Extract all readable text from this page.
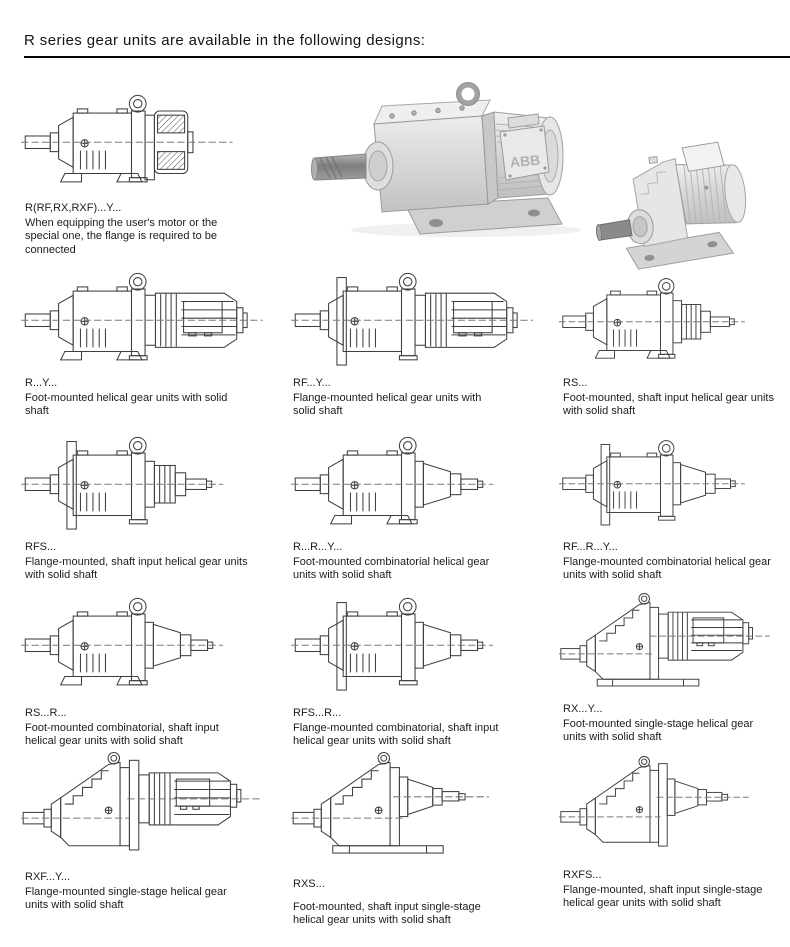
R series gear units are available in the following designs:
ABB
R(RF,RX,RXF)...Y...
When equipping the user's motor or the special one, the flange is required to be connected
R...Y...
Foot-mounted helical gear units with solid shaft
RF...Y...
Flange-mounted helical gear units with solid shaft
RS...
Foot-mounted, shaft input helical gear units with solid shaft
RFS...
Flange-mounted, shaft input helical gear units with solid shaft
R...R...Y...
Foot-mounted combinatorial helical gear units with solid shaft
RF...R...Y...
Flange-mounted combinatorial helical gear units with solid shaft
RS...R...
Foot-mounted combinatorial, shaft input helical gear units with solid shaft
RFS...R...
Flange-mounted combinatorial, shaft input helical gear units with solid shaft
RX...Y...
Foot-mounted single-stage helical gear units with solid shaft
RXF...Y...
Flange-mounted single-stage helical gear units with solid shaft
RXS...
Foot-mounted, shaft input single-stage helical gear units with solid shaft
RXFS...
Flange-mounted, shaft input single-stage helical gear units with solid shaft
